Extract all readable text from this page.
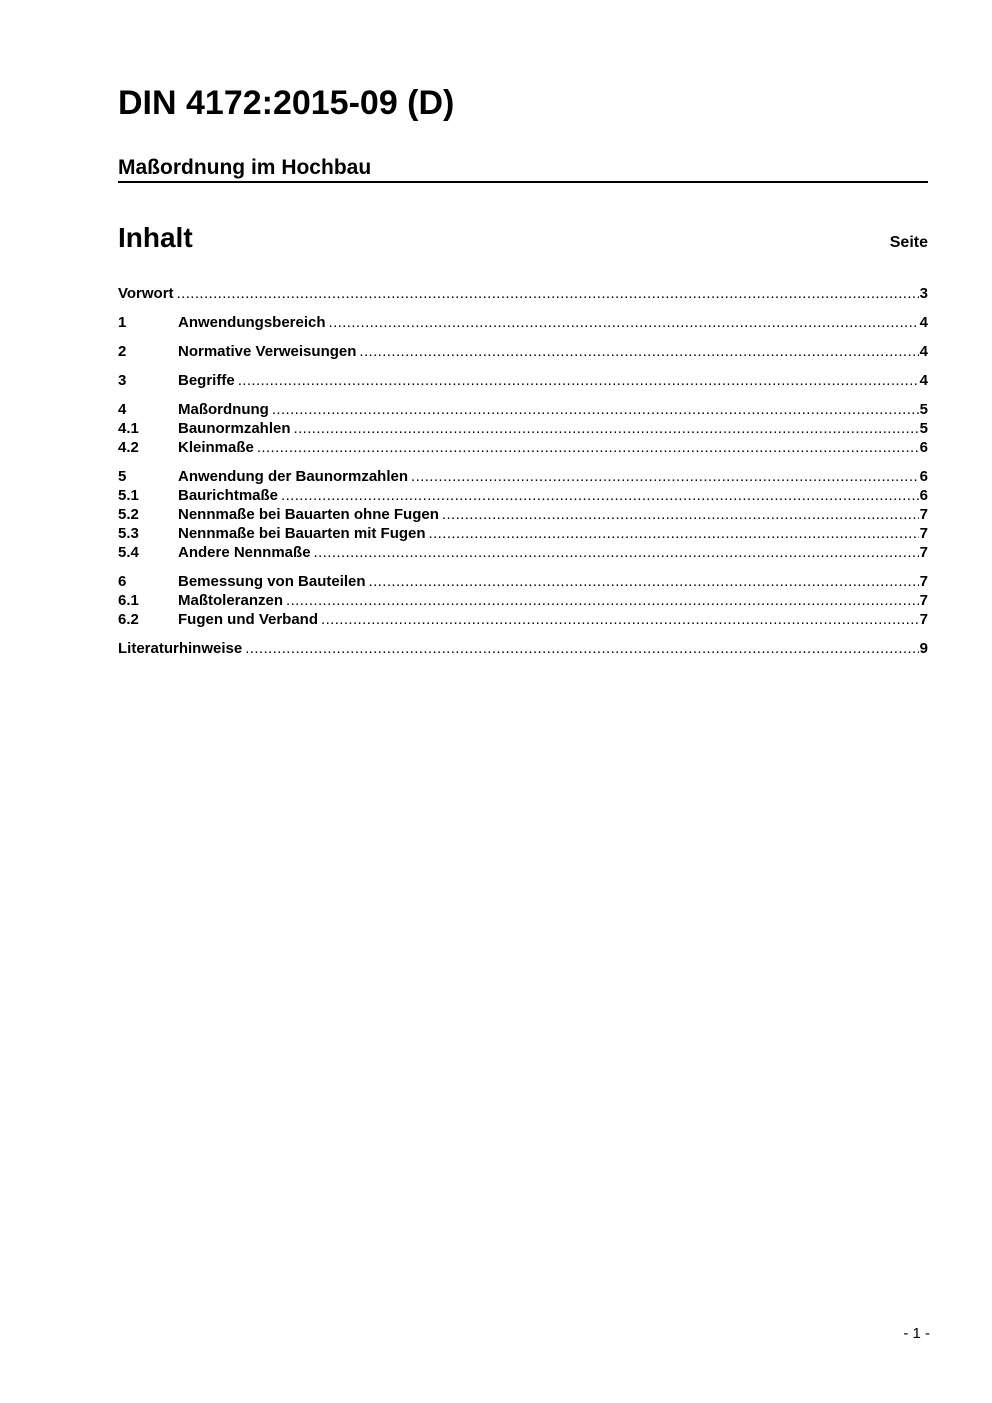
DIN 4172:2015-09 (D)
Maßordnung im Hochbau
Inhalt	Seite
Vorwort .....	3
1	Anwendungsbereich .....	4
2	Normative Verweisungen .....	4
3	Begriffe .....	4
4	Maßordnung .....	5
4.1	Baunormzahlen .....	5
4.2	Kleinmaße .....	6
5	Anwendung der Baunormzahlen .....	6
5.1	Baurichtmaße .....	6
5.2	Nennmaße bei Bauarten ohne Fugen .....	7
5.3	Nennmaße bei Bauarten mit Fugen .....	7
5.4	Andere Nennmaße .....	7
6	Bemessung von Bauteilen .....	7
6.1	Maßtoleranzen .....	7
6.2	Fugen und Verband .....	7
Literaturhinweise .....	9
- 1 -
